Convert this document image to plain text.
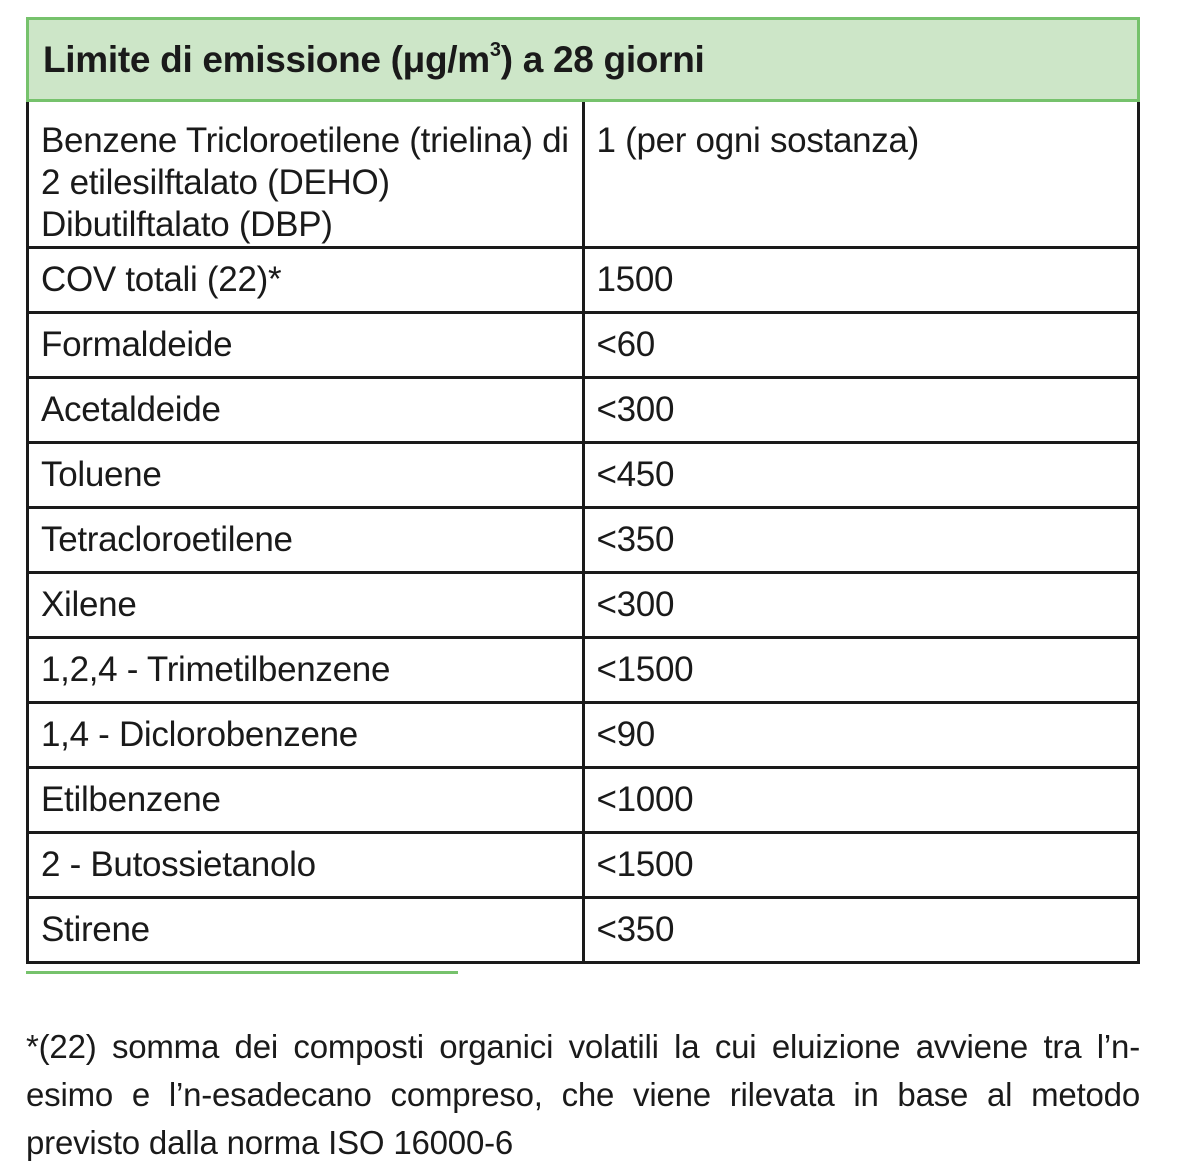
Limite di emissione $(\mu g/m^3)$ a 28 giorni	
Benzene Tricloroetilene (trielina) di 2 etilesilftalato (DEHO) Dibutilftalato (DBP)	1 (per ogni sostanza)
COV totali (22)*	1500
Formaldeide	<60
Acetaldeide	<300
Toluene	<450
Tetracloroetilene	<350
Xilene	<300
1,2,4 - Trimetilbenzene	<1500
1,4 - Diclorobenzene	<90
Etilbenzene	<1000
2 - Butossietanolo	<1500
Stirene	<350

*(22) somma dei composti organici volatili la cui eluizione avviene tra l’n-esimo e l’n-esadecano compreso, che viene rilevata in base al metodo previsto dalla norma ISO 16000-6
